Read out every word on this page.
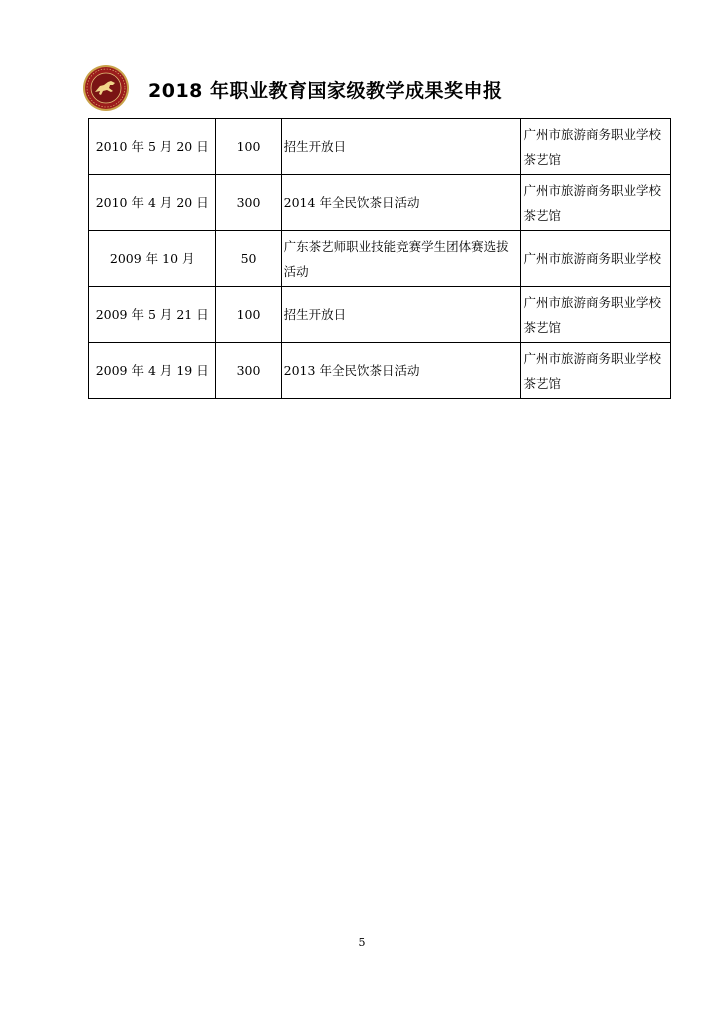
2018 年职业教育国家级教学成果奖申报
2010 年 5 月 20 日	100	招生开放日	广州市旅游商务职业学校茶艺馆
2010 年 4 月 20 日	300	2014 年全民饮茶日活动	广州市旅游商务职业学校茶艺馆
2009 年 10 月	50	广东茶艺师职业技能竞赛学生团体赛选拔活动	广州市旅游商务职业学校
2009 年 5 月 21 日	100	招生开放日	广州市旅游商务职业学校茶艺馆
2009 年 4 月 19 日	300	2013 年全民饮茶日活动	广州市旅游商务职业学校茶艺馆
5
